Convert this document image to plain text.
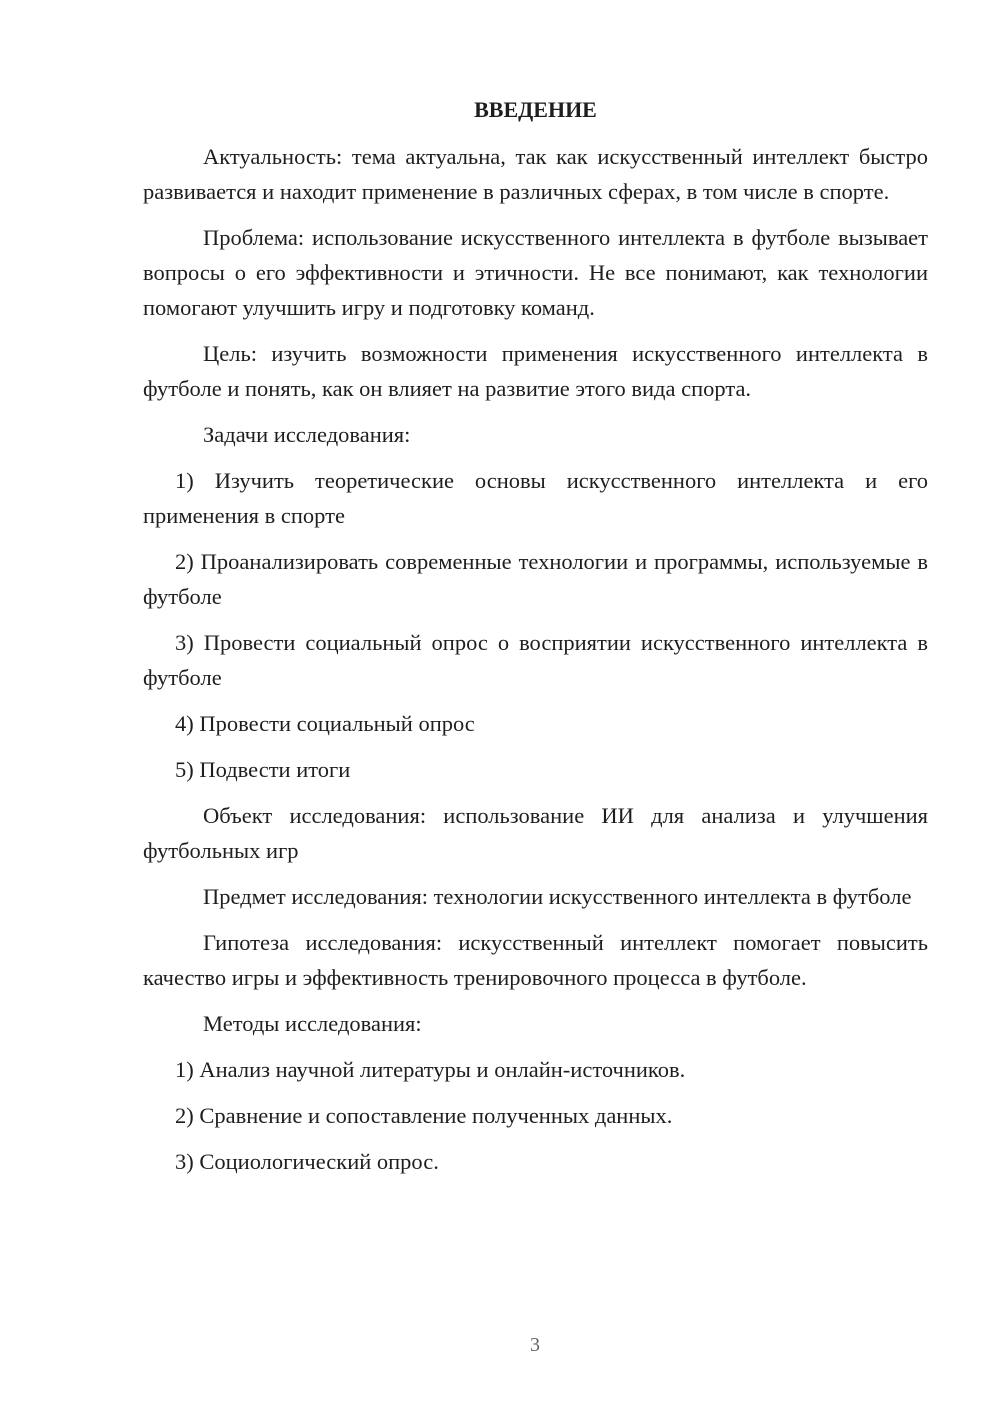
ВВЕДЕНИЕ
Актуальность: тема актуальна, так как искусственный интеллект быстро развивается и находит применение в различных сферах, в том числе в спорте.
Проблема: использование искусственного интеллекта в футболе вызывает вопросы о его эффективности и этичности. Не все понимают, как технологии помогают улучшить игру и подготовку команд.
Цель: изучить возможности применения искусственного интеллекта в футболе и понять, как он влияет на развитие этого вида спорта.
Задачи исследования:
1) Изучить теоретические основы искусственного интеллекта и его применения в спорте
2) Проанализировать современные технологии и программы, используемые в футболе
3) Провести социальный опрос о восприятии искусственного интеллекта в футболе
4) Провести социальный опрос
5) Подвести итоги
Объект исследования: использование ИИ для анализа и улучшения футбольных игр
Предмет исследования: технологии искусственного интеллекта в футболе
Гипотеза исследования: искусственный интеллект помогает повысить качество игры и эффективность тренировочного процесса в футболе.
Методы исследования:
1) Анализ научной литературы и онлайн-источников.
2) Сравнение и сопоставление полученных данных.
3) Социологический опрос.
3
